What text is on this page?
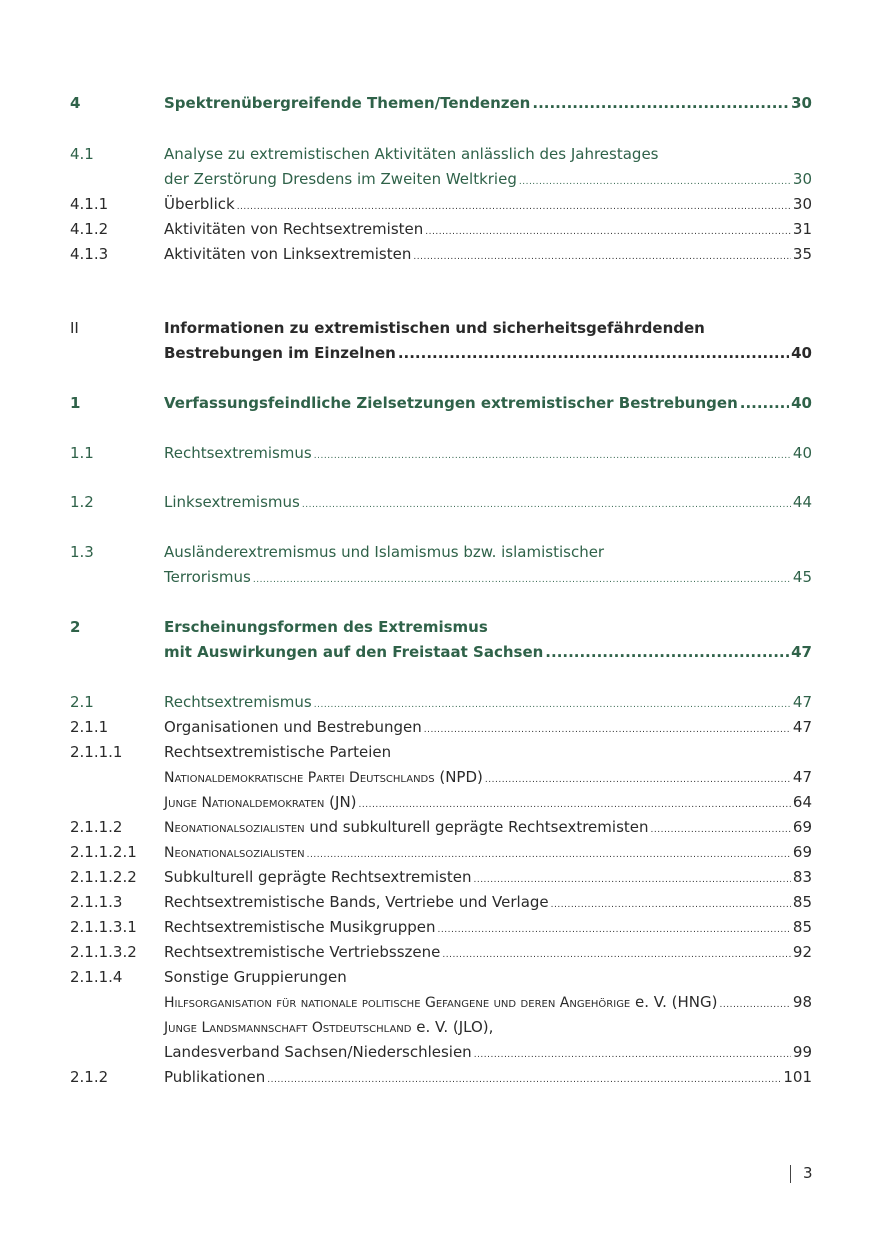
4	Spektrenübergreifende Themen/Tendenzen .....	30
4.1	Analyse zu extremistischen Aktivitäten anlässlich des Jahrestages
der Zerstörung Dresdens im Zweiten Weltkrieg .....	30
4.1.1	Überblick .....	30
4.1.2	Aktivitäten von Rechtsextremisten .....	31
4.1.3	Aktivitäten von Linksextremisten .....	35
II	Informationen zu extremistischen und sicherheitsgefährdenden
Bestrebungen im Einzelnen .....	40
1	Verfassungsfeindliche Zielsetzungen extremistischer Bestrebungen .....	40
1.1	Rechtsextremismus .....	40
1.2	Linksextremismus .....	44
1.3	Ausländerextremismus und Islamismus bzw. islamistischer
Terrorismus .....	45
2	Erscheinungsformen des Extremismus
mit Auswirkungen auf den Freistaat Sachsen .....	47
2.1	Rechtsextremismus .....	47
2.1.1	Organisationen und Bestrebungen .....	47
2.1.1.1	Rechtsextremistische Parteien
Nationaldemokratische Partei Deutschlands (NPD) .....	47
Junge Nationaldemokraten (JN) .....	64
2.1.1.2	Neonationalsozialisten und subkulturell geprägte Rechtsextremisten .....	69
2.1.1.2.1 Neonationalsozialisten .....	69
2.1.1.2.2 Subkulturell geprägte Rechtsextremisten .....	83
2.1.1.3	Rechtsextremistische Bands, Vertriebe und Verlage .....	85
2.1.1.3.1 Rechtsextremistische Musikgruppen .....	85
2.1.1.3.2 Rechtsextremistische Vertriebsszene .....	92
2.1.1.4	Sonstige Gruppierungen
Hilfsorganisation für nationale politische Gefangene und deren Angehörige e. V. (HNG) .....	98
Junge Landsmannschaft Ostdeutschland e. V. (JLO),
Landesverband Sachsen/Niederschlesien .....	99
2.1.2	Publikationen .....	101
3
